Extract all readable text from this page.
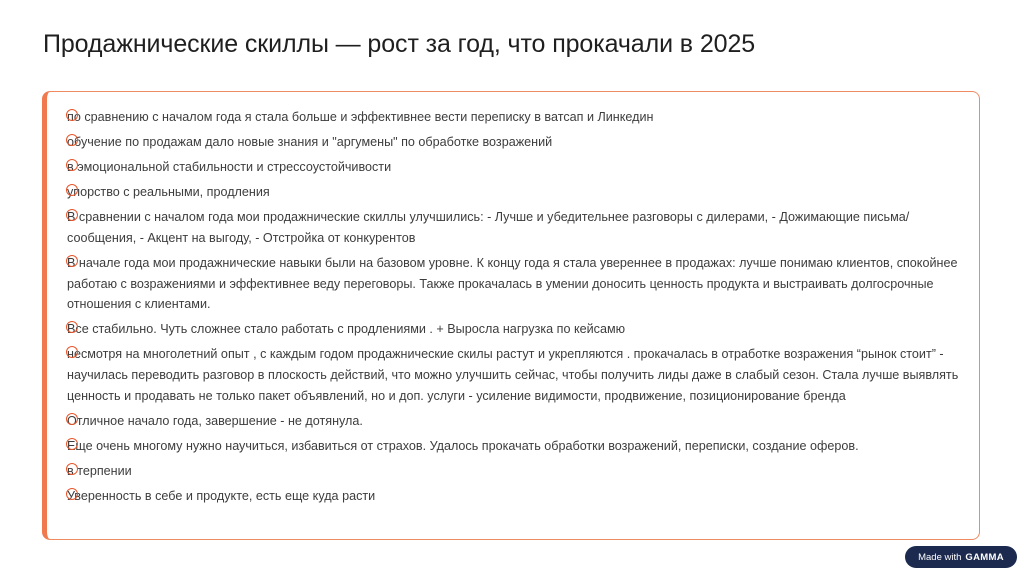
Продажнические скиллы — рост за год, что прокачали в 2025
по сравнению с началом года я стала больше и эффективнее вести переписку в ватсап и Линкедин
обучение по продажам дало новые знания и "аргумены" по обработке возражений
в эмоциональной стабильности и стрессоустойчивости
упорство с реальными, продления
В сравнении с началом года мои продажнические скиллы улучшились: - Лучше и убедительнее разговоры с дилерами, - Дожимающие письма/сообщения, - Акцент на выгоду, - Отстройка от конкурентов
В начале года мои продажнические навыки были на базовом уровне. К концу года я стала увереннее в продажах: лучше понимаю клиентов, спокойнее работаю с возражениями и эффективнее веду переговоры. Также прокачалась в умении доносить ценность продукта и выстраивать долгосрочные отношения с клиентами.
Все стабильно. Чуть сложнее стало работать с продлениями . + Выросла нагрузка по кейсамю
несмотря на многолетний опыт , с каждым годом продажнические скилы растут и укрепляются . прокачалась в отработке возражения “рынок стоит” - научилась переводить разговор в плоскость действий, что можно улучшить сейчас, чтобы получить лиды даже в слабый сезон. Стала лучше выявлять ценность и продавать не только пакет объявлений, но и доп. услуги - усиление видимости, продвижение, позиционирование бренда
Отличное начало года, завершение - не дотянула.
Еще очень многому нужно научиться, избавиться от страхов. Удалось прокачать обработки возражений, переписки, создание оферов.
в терпении
Уверенность в себе и продукте, есть еще куда расти
Made with GAMMA
